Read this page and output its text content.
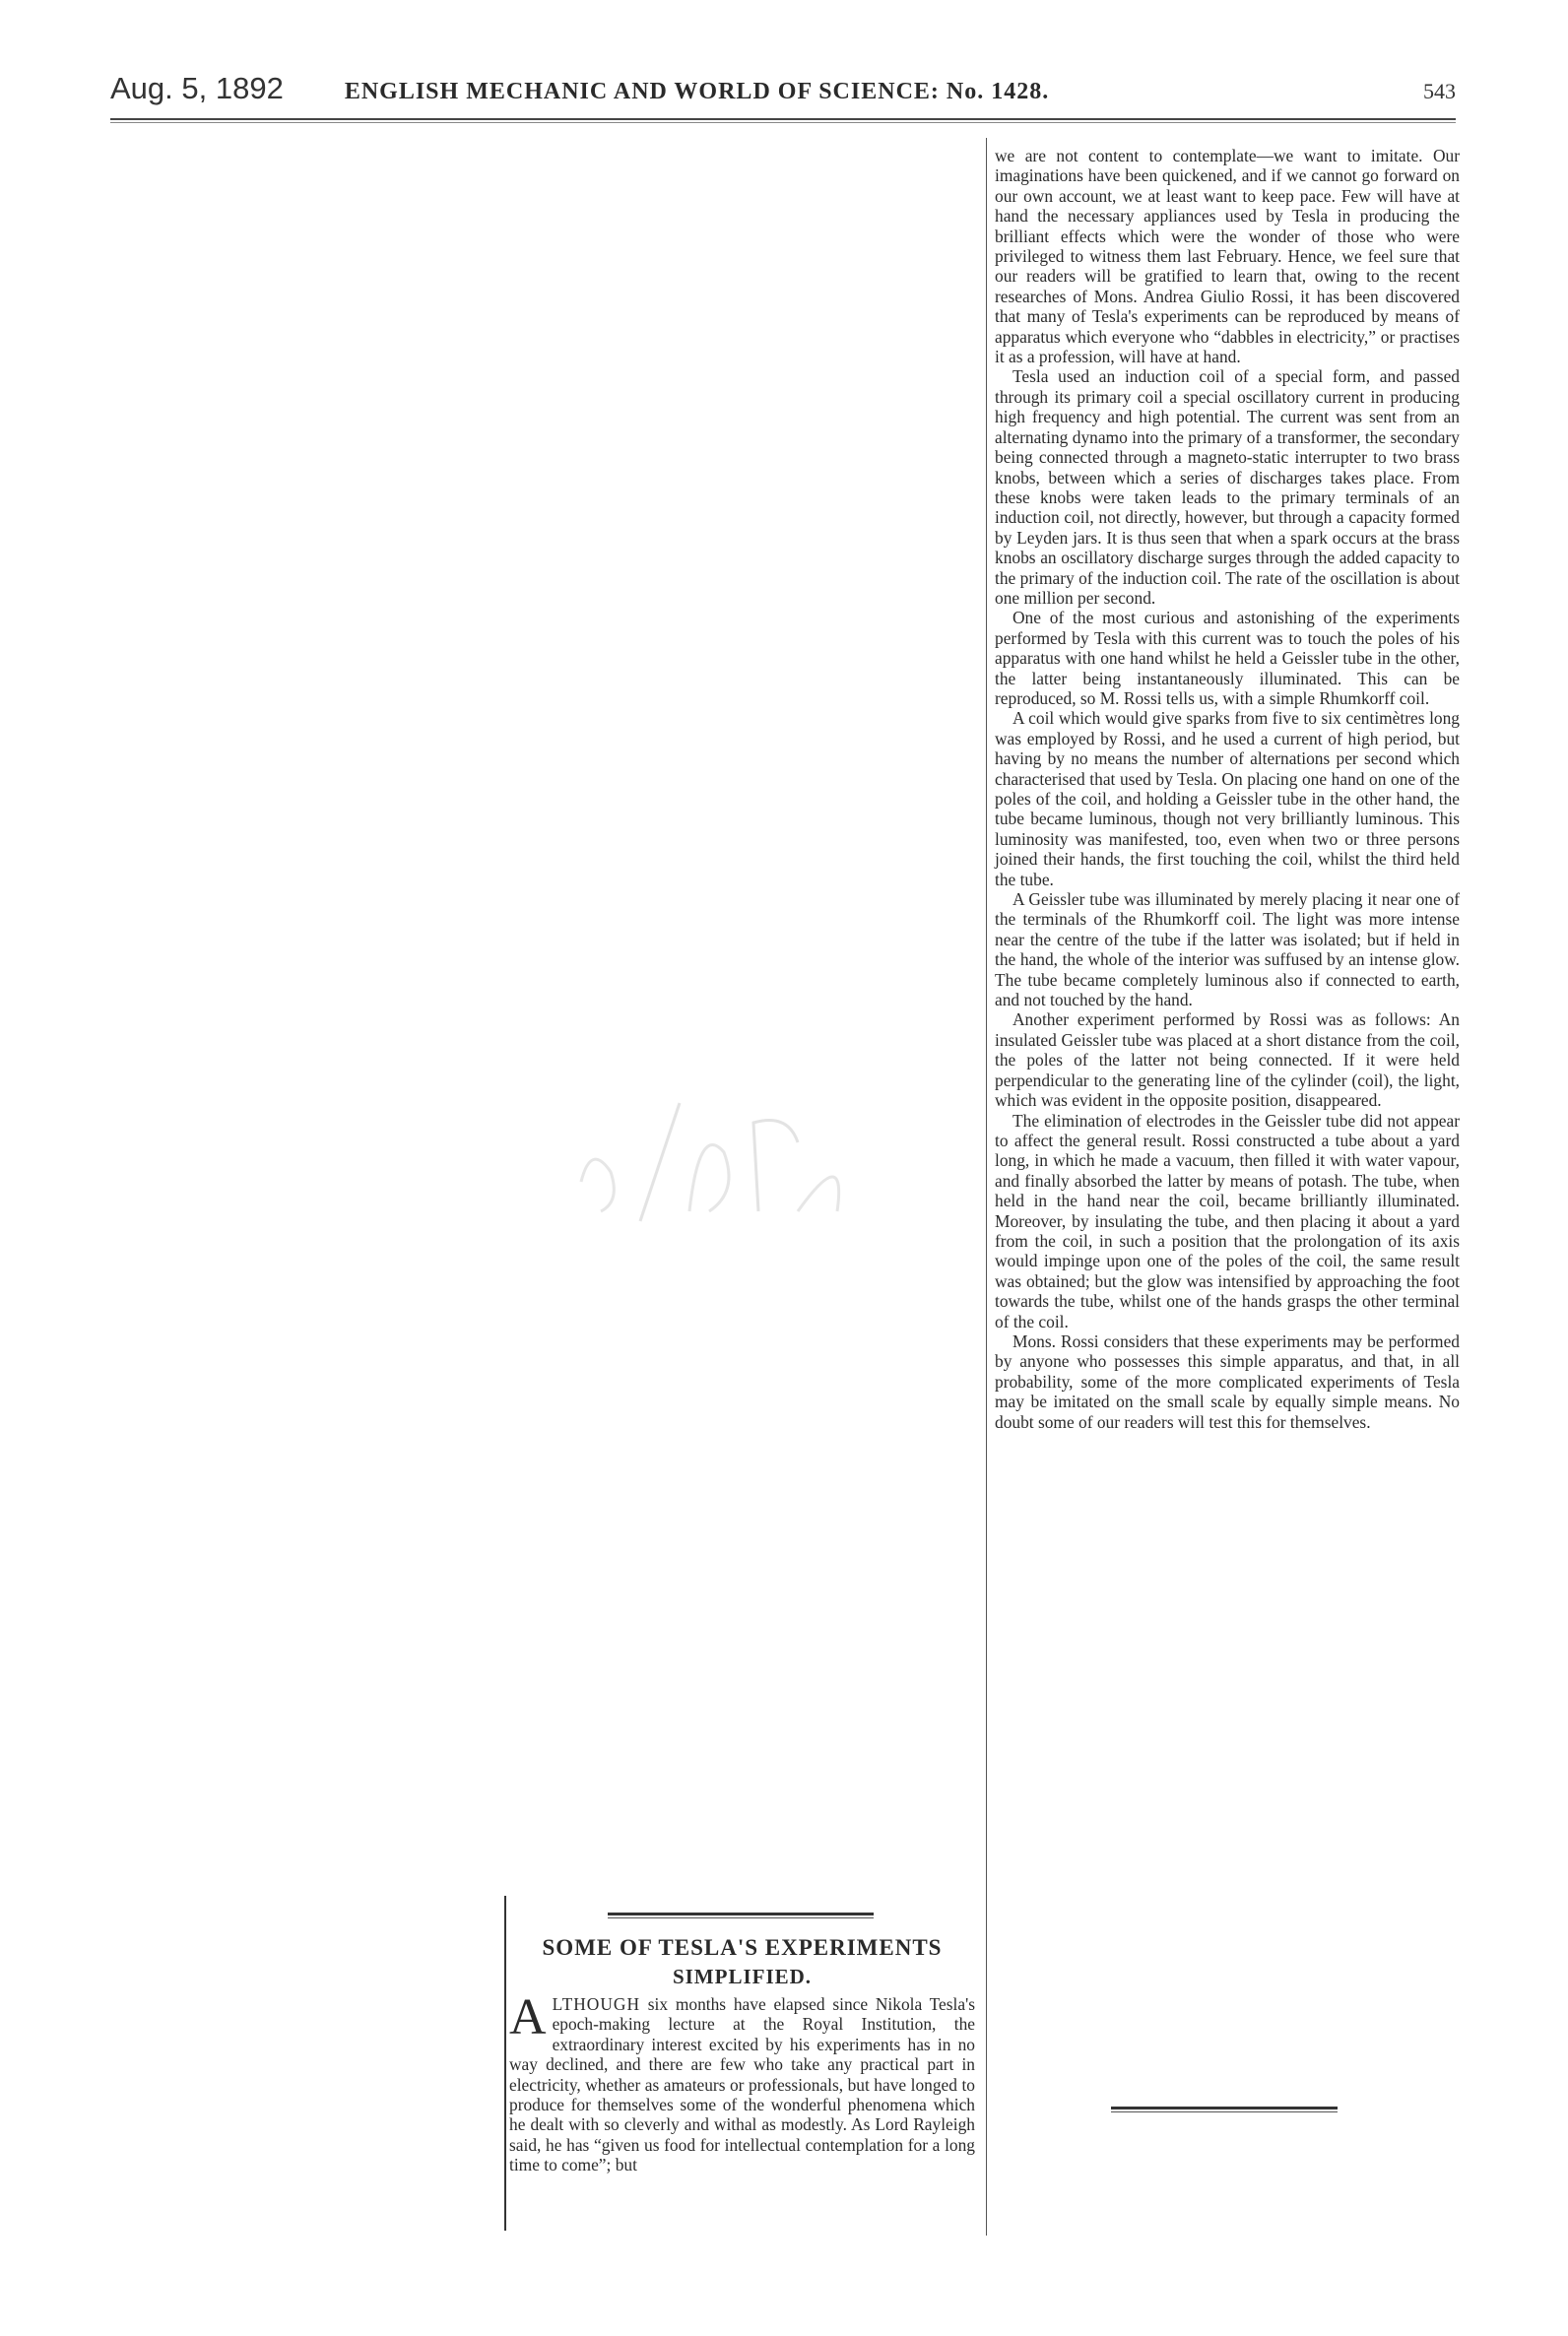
Aug. 5, 1892	ENGLISH MECHANIC AND WORLD OF SCIENCE: No. 1428.	543
SOME OF TESLA'S EXPERIMENTS
SIMPLIFIED.

ALTHOUGH six months have elapsed since Nikola Tesla's epoch-making lecture at the Royal Institution, the extraordinary interest excited by his experiments has in no way declined, and there are few who take any practical part in electricity, whether as amateurs or professionals, but have longed to produce for themselves some of the wonderful phenomena which he dealt with so cleverly and withal as modestly. As Lord Rayleigh said, he has “given us food for intellectual contemplation for a long time to come”; but

we are not content to contemplate—we want to imitate. Our imaginations have been quickened, and if we cannot go forward on our own account, we at least want to keep pace. Few will have at hand the necessary appliances used by Tesla in producing the brilliant effects which were the wonder of those who were privileged to witness them last February. Hence, we feel sure that our readers will be gratified to learn that, owing to the recent researches of Mons. Andrea Giulio Rossi, it has been discovered that many of Tesla's experiments can be reproduced by means of apparatus which everyone who “dabbles in electricity,” or practises it as a profession, will have at hand.

Tesla used an induction coil of a special form, and passed through its primary coil a special oscillatory current in producing high frequency and high potential. The current was sent from an alternating dynamo into the primary of a transformer, the secondary being connected through a magneto-static interrupter to two brass knobs, between which a series of discharges takes place. From these knobs were taken leads to the primary terminals of an induction coil, not directly, however, but through a capacity formed by Leyden jars. It is thus seen that when a spark occurs at the brass knobs an oscillatory discharge surges through the added capacity to the primary of the induction coil. The rate of the oscillation is about one million per second.

One of the most curious and astonishing of the experiments performed by Tesla with this current was to touch the poles of his apparatus with one hand whilst he held a Geissler tube in the other, the latter being instantaneously illuminated. This can be reproduced, so M. Rossi tells us, with a simple Rhumkorff coil.

A coil which would give sparks from five to six centimètres long was employed by Rossi, and he used a current of high period, but having by no means the number of alternations per second which characterised that used by Tesla. On placing one hand on one of the poles of the coil, and holding a Geissler tube in the other hand, the tube became luminous, though not very brilliantly luminous. This luminosity was manifested, too, even when two or three persons joined their hands, the first touching the coil, whilst the third held the tube.

A Geissler tube was illuminated by merely placing it near one of the terminals of the Rhumkorff coil. The light was more intense near the centre of the tube if the latter was isolated; but if held in the hand, the whole of the interior was suffused by an intense glow. The tube became completely luminous also if connected to earth, and not touched by the hand.

Another experiment performed by Rossi was as follows: An insulated Geissler tube was placed at a short distance from the coil, the poles of the latter not being connected. If it were held perpendicular to the generating line of the cylinder (coil), the light, which was evident in the opposite position, disappeared.

The elimination of electrodes in the Geissler tube did not appear to affect the general result. Rossi constructed a tube about a yard long, in which he made a vacuum, then filled it with water vapour, and finally absorbed the latter by means of potash. The tube, when held in the hand near the coil, became brilliantly illuminated. Moreover, by insulating the tube, and then placing it about a yard from the coil, in such a position that the prolongation of its axis would impinge upon one of the poles of the coil, the same result was obtained; but the glow was intensified by approaching the foot towards the tube, whilst one of the hands grasps the other terminal of the coil.

Mons. Rossi considers that these experiments may be performed by anyone who possesses this simple apparatus, and that, in all probability, some of the more complicated experiments of Tesla may be imitated on the small scale by equally simple means. No doubt some of our readers will test this for themselves.
